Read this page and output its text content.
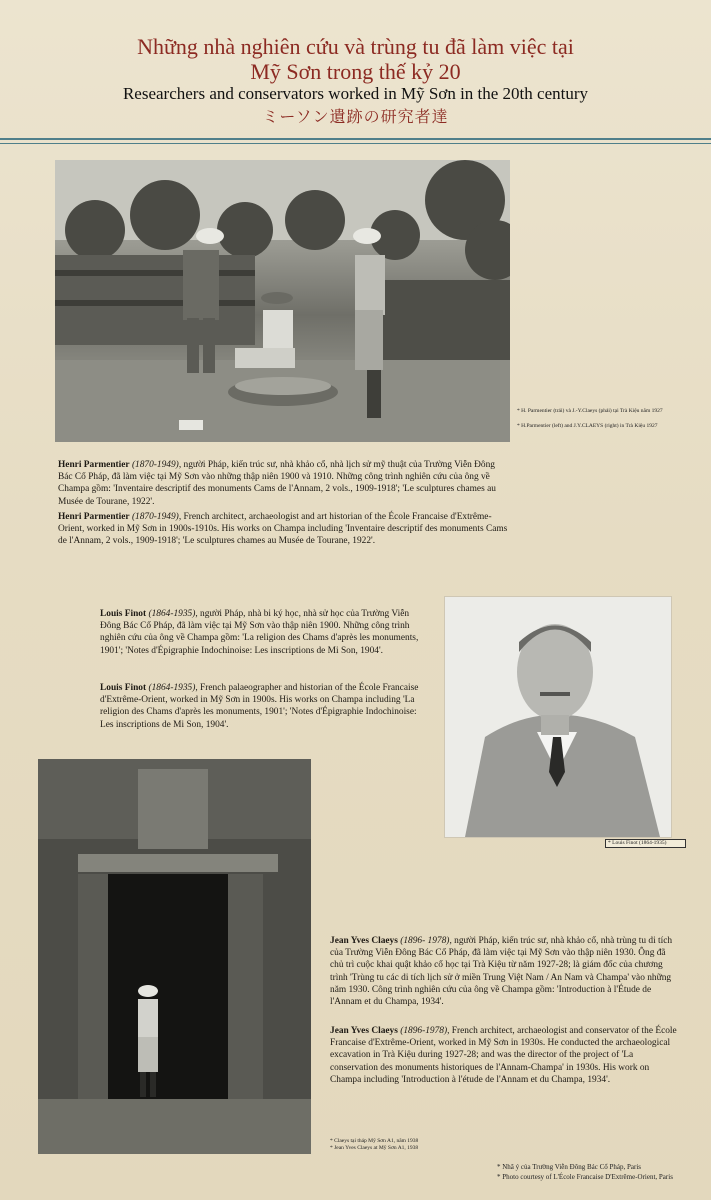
Những nhà nghiên cứu và trùng tu đã làm việc tại
Mỹ Sơn trong thế kỷ 20
Researchers and conservators worked in Mỹ Sơn in the 20th century
ミーソン遺跡の研究者達
* H. Parmentier (trái) và J.-Y.Claeys (phải) tại Trà Kiệu năm 1927
* H.Parmentier (left) and J.Y.CLAEYS (right) in Trà Kiệu 1927
Henri Parmentier (1870-1949), người Pháp, kiến trúc sư, nhà khảo cổ, nhà lịch sử mỹ thuật của Trường Viễn Đông Bác Cổ Pháp, đã làm việc tại Mỹ Sơn vào những thập niên 1900 và 1910. Những công trình nghiên cứu của ông về Champa gồm: 'Inventaire descriptif des monuments Cams de l'Annam, 2 vols., 1909-1918'; 'Le sculptures chames au Musée de Tourane, 1922'.
Henri Parmentier (1870-1949), French architect, archaeologist and art historian of the École Francaise d'Extrême-Orient, worked in Mỹ Sơn in 1900s-1910s. His works on Champa including 'Inventaire descriptif des monuments Cams de l'Annam, 2 vols., 1909-1918'; 'Le sculptures chames au Musée de Tourane, 1922'.
Louis Finot (1864-1935), người Pháp, nhà bi ký học, nhà sử học của Trường Viễn Đông Bác Cổ Pháp, đã làm việc tại Mỹ Sơn vào thập niên 1900. Những công trình nghiên cứu của ông về Champa gồm: 'La religion des Chams d'après les monuments, 1901'; 'Notes d'Épigraphie Indochinoise: Les inscriptions de Mi Son, 1904'.
Louis Finot (1864-1935), French palaeographer and historian of the École Francaise d'Extrême-Orient, worked in Mỹ Sơn in 1900s. His works on Champa including 'La religion des Chams d'après les monuments, 1901'; 'Notes d'Épigraphie Indochinoise: Les inscriptions de Mi Son, 1904'.
* Louis Finot (1864-1935)
* Claeys tại tháp Mỹ Sơn A1, năm 1938
* Jean Yves Claeys at Mỹ Sơn A1, 1938
Jean Yves Claeys (1896- 1978), người Pháp, kiến trúc sư, nhà khảo cổ, nhà trùng tu di tích của Trường Viễn Đông Bác Cổ Pháp, đã làm việc tại Mỹ Sơn vào thập niên 1930. Ông đã chủ trì cuộc khai quật khảo cổ học tại Trà Kiệu từ năm 1927-28; là giám đốc của chương trình 'Trùng tu các di tích lịch sử ở miền Trung Việt Nam / An Nam và Champa' vào những năm 1930. Công trình nghiên cứu của ông về Champa gồm: 'Introduction à l'Étude de l'Annam et du Champa, 1934'.
Jean Yves Claeys (1896-1978), French architect, archaeologist and conservator of the École Francaise d'Extrême-Orient, worked in Mỹ Sơn in 1930s. He conducted the archaeological excavation in Trà Kiệu during 1927-28; and was the director of the project of 'La conservation des monuments historiques de l'Annam-Champa' in 1930s. His work on Champa including 'Introduction à l'étude de l'Annam et du Champa, 1934'.
* Nhã ý của Trường Viễn Đông Bác Cổ Pháp, Paris
* Photo courtesy of L'École Francaise D'Extrême-Orient, Paris
